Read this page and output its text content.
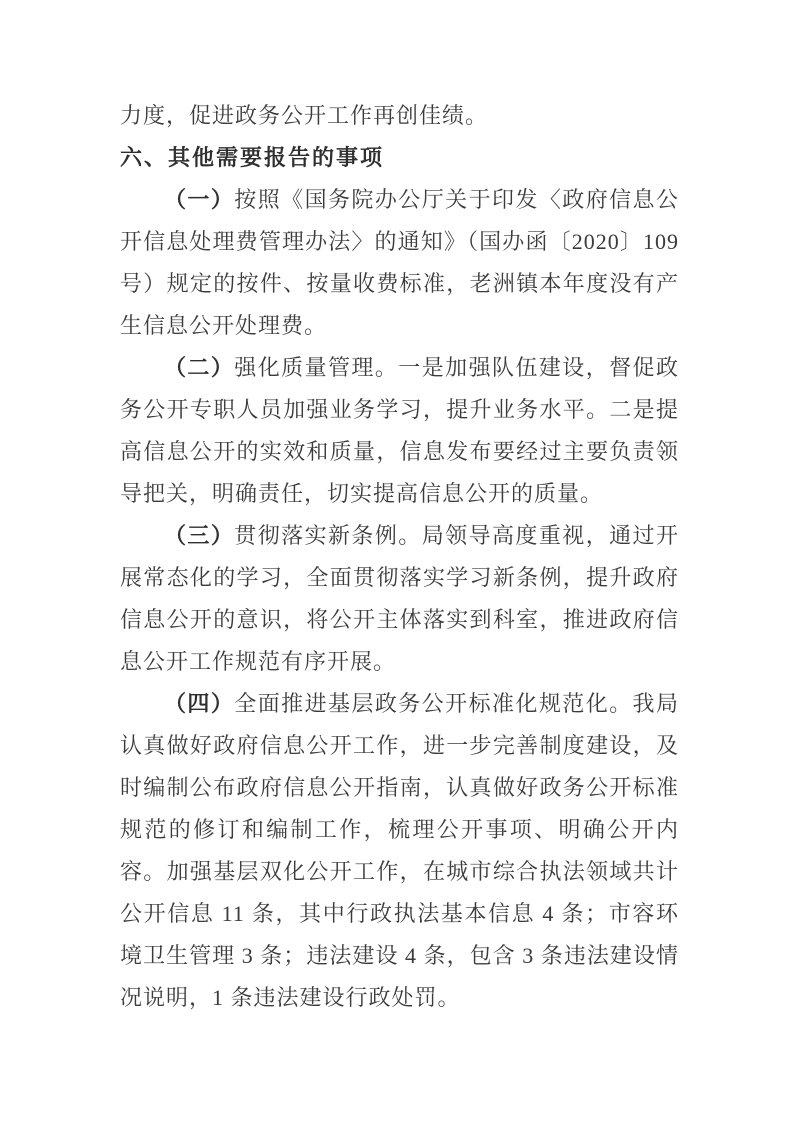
力度，促进政务公开工作再创佳绩。

六、其他需要报告的事项

（一）按照《国务院办公厅关于印发〈政府信息公开信息处理费管理办法〉的通知》（国办函〔2020〕109 号）规定的按件、按量收费标准，老洲镇本年度没有产生信息公开处理费。

（二）强化质量管理。一是加强队伍建设，督促政务公开专职人员加强业务学习，提升业务水平。二是提高信息公开的实效和质量，信息发布要经过主要负责领导把关，明确责任，切实提高信息公开的质量。

（三）贯彻落实新条例。局领导高度重视，通过开展常态化的学习，全面贯彻落实学习新条例，提升政府信息公开的意识，将公开主体落实到科室，推进政府信息公开工作规范有序开展。

（四）全面推进基层政务公开标准化规范化。我局认真做好政府信息公开工作，进一步完善制度建设，及时编制公布政府信息公开指南，认真做好政务公开标准规范的修订和编制工作，梳理公开事项、明确公开内容。加强基层双化公开工作，在城市综合执法领域共计公开信息 11 条，其中行政执法基本信息 4 条；市容环境卫生管理 3 条；违法建设 4 条，包含 3 条违法建设情况说明，1 条违法建设行政处罚。
